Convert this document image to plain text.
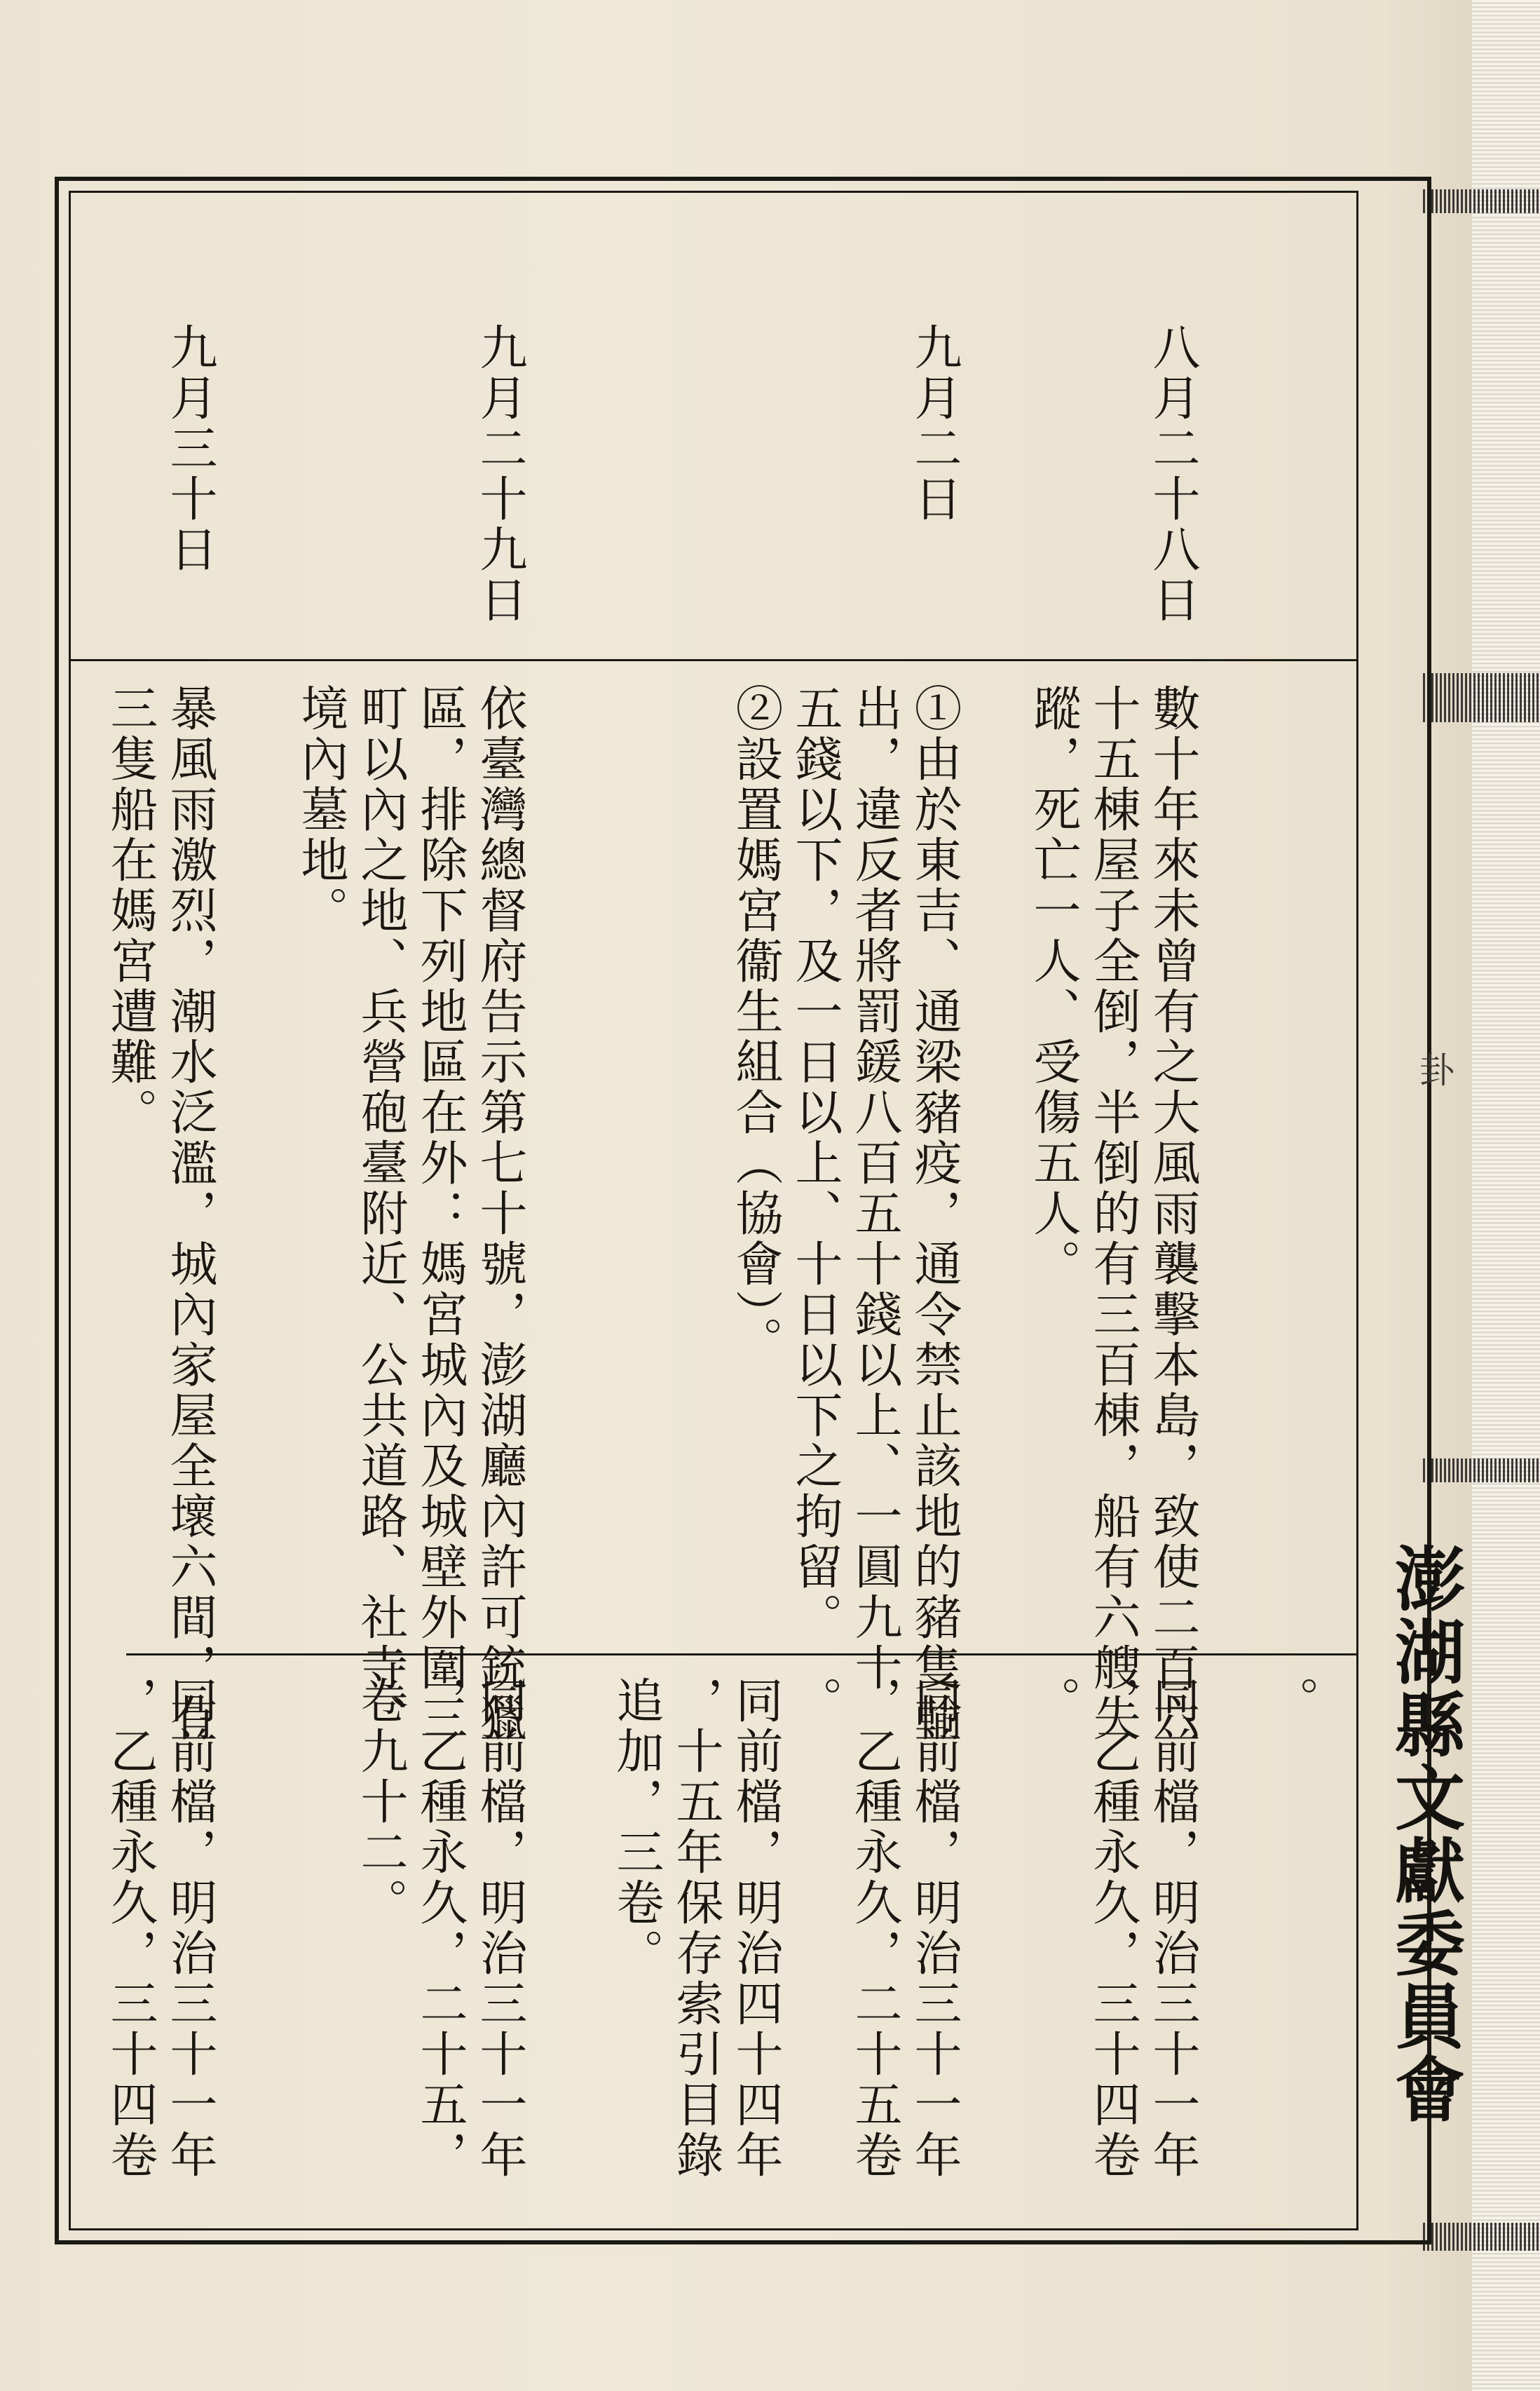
澎湖縣文獻委員會
卦
八月二十八日
九月二日
九月二十九日
九月三十日
數十年來未曾有之大風雨襲擊本島，致使二百六
十五棟屋子全倒，半倒的有三百棟，船有六艘失
蹤，死亡一人、受傷五人。
①由於東吉、通梁豬疫，通令禁止該地的豬隻輸
出，違反者將罰鍰八百五十錢以上、一圓九十
五錢以下，及一日以上、十日以下之拘留。
②設置媽宮衞生組合（協會）。
依臺灣總督府告示第七十號，澎湖廳內許可銃獵
區，排除下列地區在外：媽宮城內及城壁外圍三
町以內之地、兵營砲臺附近、公共道路、社寺、
境內墓地。
暴風雨激烈，潮水泛濫，城內家屋全壞六間，有
三隻船在媽宮遭難。
。
同前檔，明治三十一年
，乙種永久，三十四卷
。
同前檔，明治三十一年
，乙種永久，二十五卷
。
同前檔，明治四十四年
，十五年保存索引目錄
追加，三卷。
同前檔，明治三十一年
，乙種永久，二十五，
卷九十二。
同前檔，明治三十一年
，乙種永久，三十四卷
